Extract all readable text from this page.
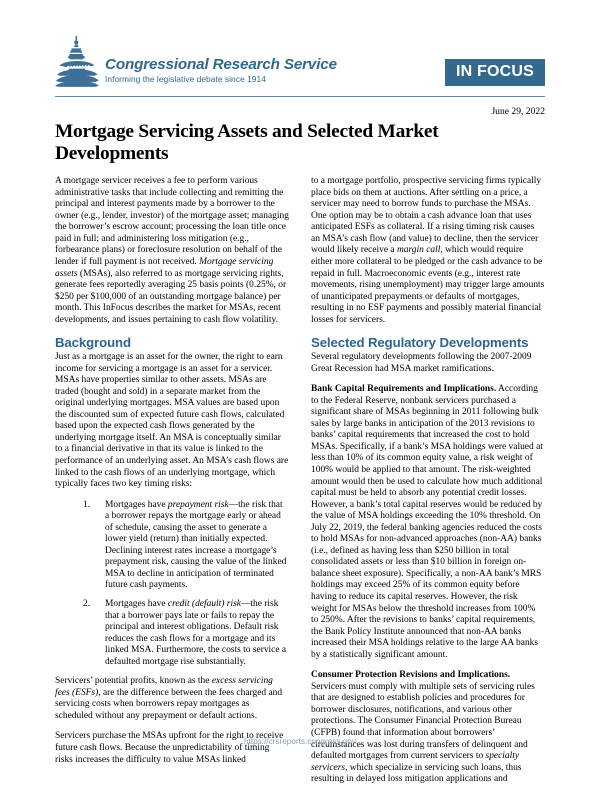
Congressional Research Service
Informing the legislative debate since 1914	IN FOCUS
June 29, 2022
Mortgage Servicing Assets and Selected Market Developments

A mortgage servicer receives a fee to perform various administrative tasks that include collecting and remitting the principal and interest payments made by a borrower to the owner (e.g., lender, investor) of the mortgage asset; managing the borrower’s escrow account; processing the loan title once paid in full; and administering loss mitigation (e.g., forbearance plans) or foreclosure resolution on behalf of the lender if full payment is not received. Mortgage servicing assets (MSAs), also referred to as mortgage servicing rights, generate fees reportedly averaging 25 basis points (0.25%, or $250 per $100,000 of an outstanding mortgage balance) per month. This InFocus describes the market for MSAs, recent developments, and issues pertaining to cash flow volatility.

Background

Just as a mortgage is an asset for the owner, the right to earn income for servicing a mortgage is an asset for a servicer. MSAs have properties similar to other assets. MSAs are traded (bought and sold) in a separate market from the original underlying mortgages. MSA values are based upon the discounted sum of expected future cash flows, calculated based upon the expected cash flows generated by the underlying mortgage itself. An MSA is conceptually similar to a financial derivative in that its value is linked to the performance of an underlying asset. An MSA’s cash flows are linked to the cash flows of an underlying mortgage, which typically faces two key timing risks:

Mortgages have prepayment risk—the risk that a borrower repays the mortgage early or ahead of schedule, causing the asset to generate a lower yield (return) than initially expected. Declining interest rates increase a mortgage’s prepayment risk, causing the value of the linked MSA to decline in anticipation of terminated future cash payments.
Mortgages have credit (default) risk—the risk that a borrower pays late or fails to repay the principal and interest obligations. Default risk reduces the cash flows for a mortgage and its linked MSA. Furthermore, the costs to service a defaulted mortgage rise substantially.

Servicers’ potential profits, known as the excess servicing fees (ESFs), are the difference between the fees charged and servicing costs when borrowers repay mortgages as scheduled without any prepayment or default actions.

Servicers purchase the MSAs upfront for the right to receive future cash flows. Because the unpredictability of timing risks increases the difficulty to value MSAs linked

to a mortgage portfolio, prospective servicing firms typically place bids on them at auctions. After settling on a price, a servicer may need to borrow funds to purchase the MSAs. One option may be to obtain a cash advance loan that uses anticipated ESFs as collateral. If a rising timing risk causes an MSA’s cash flow (and value) to decline, then the servicer would likely receive a margin call, which would require either more collateral to be pledged or the cash advance to be repaid in full. Macroeconomic events (e.g., interest rate movements, rising unemployment) may trigger large amounts of unanticipated prepayments or defaults of mortgages, resulting in no ESF payments and possibly material financial losses for servicers.

Selected Regulatory Developments

Several regulatory developments following the 2007-2009 Great Recession had MSA market ramifications.

Bank Capital Requirements and Implications. According to the Federal Reserve, nonbank servicers purchased a significant share of MSAs beginning in 2011 following bulk sales by large banks in anticipation of the 2013 revisions to banks’ capital requirements that increased the cost to hold MSAs. Specifically, if a bank’s MSA holdings were valued at less than 10% of its common equity value, a risk weight of 100% would be applied to that amount. The risk-weighted amount would then be used to calculate how much additional capital must be held to absorb any potential credit losses. However, a bank’s total capital reserves would be reduced by the value of MSA holdings exceeding the 10% threshold. On July 22, 2019, the federal banking agencies reduced the costs to hold MSAs for non-advanced approaches (non-AA) banks (i.e., defined as having less than $250 billion in total consolidated assets or less than $10 billion in foreign on-balance sheet exposure). Specifically, a non-AA bank’s MRS holdings may exceed 25% of its common equity before having to reduce its capital reserves. However, the risk weight for MSAs below the threshold increases from 100% to 250%. After the revisions to banks’ capital requirements, the Bank Policy Institute announced that non-AA banks increased their MSA holdings relative to the large AA banks by a statistically significant amount.

Consumer Protection Revisions and Implications. Servicers must comply with multiple sets of servicing rules that are designed to establish policies and procedures for borrower disclosures, notifications, and various other protections. The Consumer Financial Protection Bureau (CFPB) found that information about borrowers’ circumstances was lost during transfers of delinquent and defaulted mortgages from current servicers to specialty servicers, which specialize in servicing such loans, thus resulting in delayed loss mitigation applications and

https://crsreports.congress.gov
